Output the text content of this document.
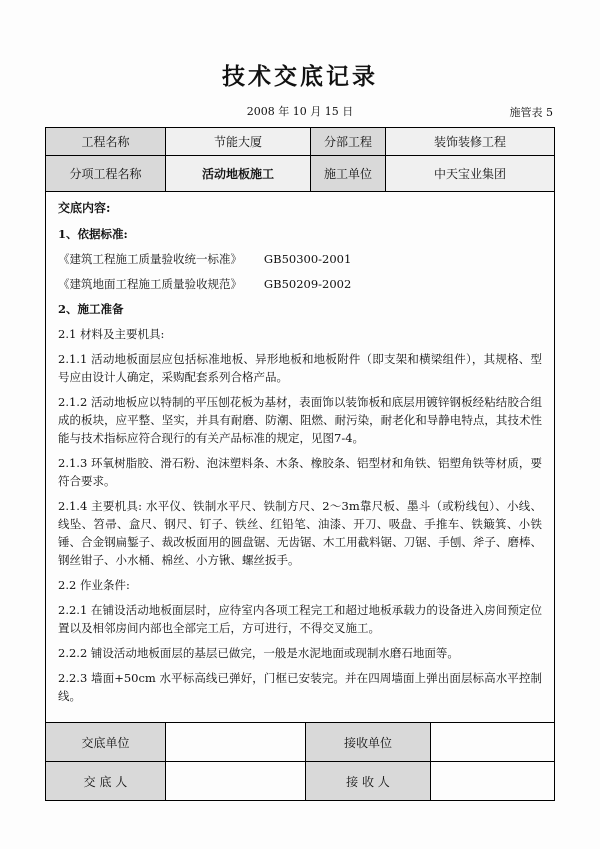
技术交底记录
2008 年 10 月 15 日	施管表 5
工程名称	节能大厦	分部工程	装饰装修工程
分项工程名称	活动地板施工	施工单位	中天宝业集团
交底内容:

1、依据标准:

《建筑工程施工质量验收统一标准》      GB50300-2001

《建筑地面工程施工质量验收规范》      GB50209-2002

2、施工准备

2.1 材料及主要机具:

2.1.1 活动地板面层应包括标准地板、异形地板和地板附件（即支架和横梁组件），其规格、型号应由设计人确定，采购配套系列合格产品。

2.1.2 活动地板应以特制的平压刨花板为基材，表面饰以装饰板和底层用镀锌钢板经粘结胶合组成的板块，应平整、坚实，并具有耐磨、防潮、阻燃、耐污染，耐老化和导静电特点，其技术性能与技术指标应符合现行的有关产品标准的规定，见图7-4。

2.1.3 环氧树脂胶、滑石粉、泡沫塑料条、木条、橡胶条、铝型材和角铁、铝塑角铁等材质，要符合要求。

2.1.4 主要机具: 水平仪、铁制水平尺、铁制方尺、2～3m靠尺板、墨斗（或粉线包）、小线、线坠、笤帚、盒尺、钢尺、钉子、铁丝、红铅笔、油漆、开刀、吸盘、手推车、铁簸箕、小铁锤、合金钢扁錾子、裁改板面用的圆盘锯、无齿锯、木工用截料锯、刀锯、手刨、斧子、磨棒、钢丝钳子、小水桶、棉丝、小方锹、螺丝扳手。

2.2 作业条件:

2.2.1 在铺设活动地板面层时，应待室内各项工程完工和超过地板承载力的设备进入房间预定位置以及相邻房间内部也全部完工后，方可进行，不得交叉施工。

2.2.2 铺设活动地板面层的基层已做完，一般是水泥地面或现制水磨石地面等。

2.2.3 墙面+50cm 水平标高线已弹好，门框已安装完。并在四周墙面上弹出面层标高水平控制线。

交底单位		接收单位	
交 底 人		接 收 人	
